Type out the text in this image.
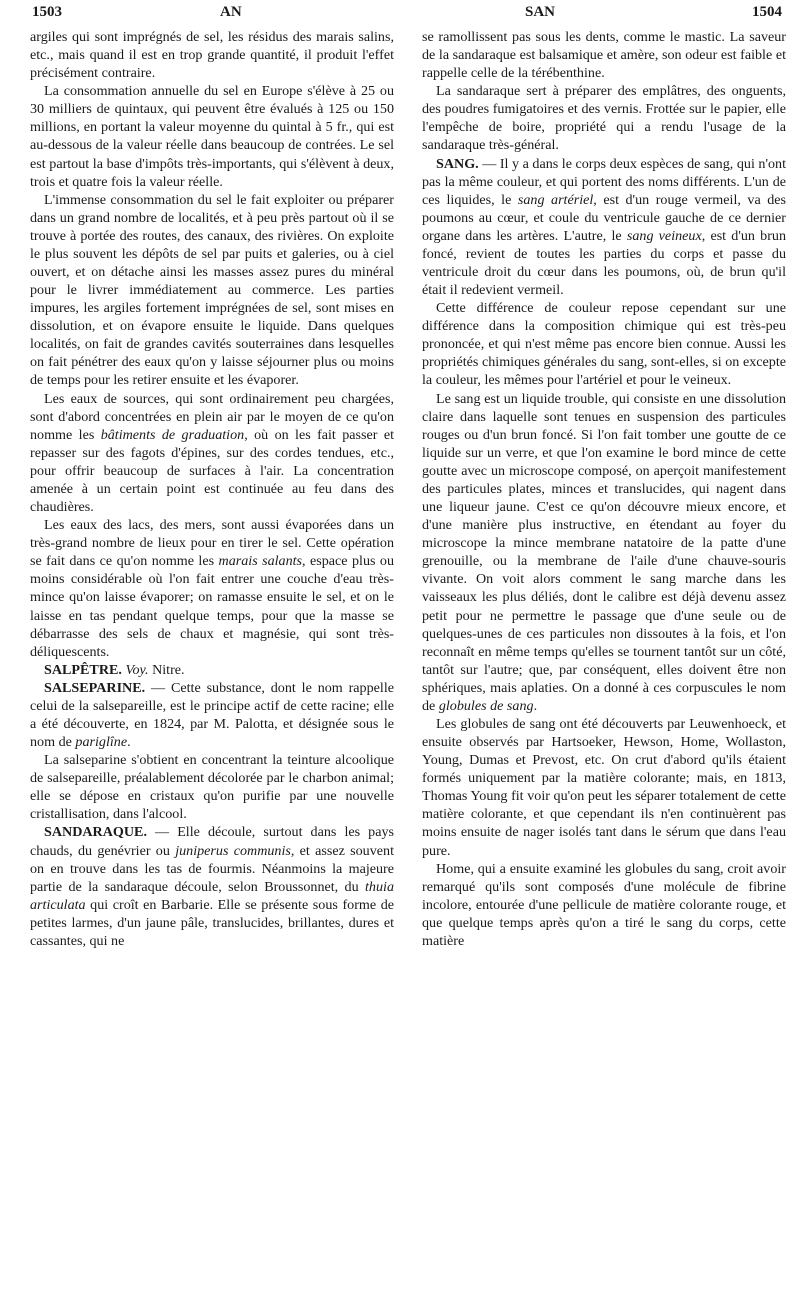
1503	AN	SAN	1504

argiles qui sont imprégnés de sel, les résidus des marais salins, etc., mais quand il est en trop grande quantité, il produit l'effet précisément contraire.

La consommation annuelle du sel en Europe s'élève à 25 ou 30 milliers de quintaux, qui peuvent être évalués à 125 ou 150 millions, en portant la valeur moyenne du quintal à 5 fr., qui est au-dessous de la valeur réelle dans beaucoup de contrées. Le sel est partout la base d'impôts très-importants, qui s'élèvent à deux, trois et quatre fois la valeur réelle.

L'immense consommation du sel le fait exploiter ou préparer dans un grand nombre de localités, et à peu près partout où il se trouve à portée des routes, des canaux, des rivières. On exploite le plus souvent les dépôts de sel par puits et galeries, ou à ciel ouvert, et on détache ainsi les masses assez pures du minéral pour le livrer immédiatement au commerce. Les parties impures, les argiles fortement imprégnées de sel, sont mises en dissolution, et on évapore ensuite le liquide. Dans quelques localités, on fait de grandes cavités souterraines dans lesquelles on fait pénétrer des eaux qu'on y laisse séjourner plus ou moins de temps pour les retirer ensuite et les évaporer.

Les eaux de sources, qui sont ordinairement peu chargées, sont d'abord concentrées en plein air par le moyen de ce qu'on nomme les bâtiments de graduation, où on les fait passer et repasser sur des fagots d'épines, sur des cordes tendues, etc., pour offrir beaucoup de surfaces à l'air. La concentration amenée à un certain point est continuée au feu dans des chaudières.

Les eaux des lacs, des mers, sont aussi évaporées dans un très-grand nombre de lieux pour en tirer le sel. Cette opération se fait dans ce qu'on nomme les marais salants, espace plus ou moins considérable où l'on fait entrer une couche d'eau très-mince qu'on laisse évaporer; on ramasse ensuite le sel, et on le laisse en tas pendant quelque temps, pour que la masse se débarrasse des sels de chaux et magnésie, qui sont très-déliquescents.

SALPÊTRE. Voy. Nitre.

SALSEPARINE. — Cette substance, dont le nom rappelle celui de la salsepareille, est le principe actif de cette racine; elle a été découverte, en 1824, par M. Palotta, et désignée sous le nom de pariglîne.

La salseparine s'obtient en concentrant la teinture alcoolique de salsepareille, préalablement décolorée par le charbon animal; elle se dépose en cristaux qu'on purifie par une nouvelle cristallisation, dans l'alcool.

SANDARAQUE. — Elle découle, surtout dans les pays chauds, du genévrier ou juniperus communis, et assez souvent on en trouve dans les tas de fourmis. Néanmoins la majeure partie de la sandaraque découle, selon Broussonnet, du thuia articulata qui croît en Barbarie. Elle se présente sous forme de petites larmes, d'un jaune pâle, translucides, brillantes, dures et cassantes, qui ne

se ramollissent pas sous les dents, comme le mastic. La saveur de la sandaraque est balsamique et amère, son odeur est faible et rappelle celle de la térébenthine.

La sandaraque sert à préparer des emplâtres, des onguents, des poudres fumigatoires et des vernis. Frottée sur le papier, elle l'empêche de boire, propriété qui a rendu l'usage de la sandaraque très-général.

SANG. — Il y a dans le corps deux espèces de sang, qui n'ont pas la même couleur, et qui portent des noms différents. L'un de ces liquides, le sang artériel, est d'un rouge vermeil, va des poumons au cœur, et coule du ventricule gauche de ce dernier organe dans les artères. L'autre, le sang veineux, est d'un brun foncé, revient de toutes les parties du corps et passe du ventricule droit du cœur dans les poumons, où, de brun qu'il était il redevient vermeil.

Cette différence de couleur repose cependant sur une différence dans la composition chimique qui est très-peu prononcée, et qui n'est même pas encore bien connue. Aussi les propriétés chimiques générales du sang, sont-elles, si on excepte la couleur, les mêmes pour l'artériel et pour le veineux.

Le sang est un liquide trouble, qui consiste en une dissolution claire dans laquelle sont tenues en suspension des particules rouges ou d'un brun foncé. Si l'on fait tomber une goutte de ce liquide sur un verre, et que l'on examine le bord mince de cette goutte avec un microscope composé, on aperçoit manifestement des particules plates, minces et translucides, qui nagent dans une liqueur jaune. C'est ce qu'on découvre mieux encore, et d'une manière plus instructive, en étendant au foyer du microscope la mince membrane natatoire de la patte d'une grenouille, ou la membrane de l'aile d'une chauve-souris vivante. On voit alors comment le sang marche dans les vaisseaux les plus déliés, dont le calibre est déjà devenu assez petit pour ne permettre le passage que d'une seule ou de quelques-unes de ces particules non dissoutes à la fois, et l'on reconnaît en même temps qu'elles se tournent tantôt sur un côté, tantôt sur l'autre; que, par conséquent, elles doivent être non sphériques, mais aplaties. On a donné à ces corpuscules le nom de globules de sang.

Les globules de sang ont été découverts par Leuwenhoeck, et ensuite observés par Hartsoeker, Hewson, Home, Wollaston, Young, Dumas et Prevost, etc. On crut d'abord qu'ils étaient formés uniquement par la matière colorante; mais, en 1813, Thomas Young fit voir qu'on peut les séparer totalement de cette matière colorante, et que cependant ils n'en continuèrent pas moins ensuite de nager isolés tant dans le sérum que dans l'eau pure.

Home, qui a ensuite examiné les globules du sang, croit avoir remarqué qu'ils sont composés d'une molécule de fibrine incolore, entourée d'une pellicule de matière colorante rouge, et que quelque temps après qu'on a tiré le sang du corps, cette matière
